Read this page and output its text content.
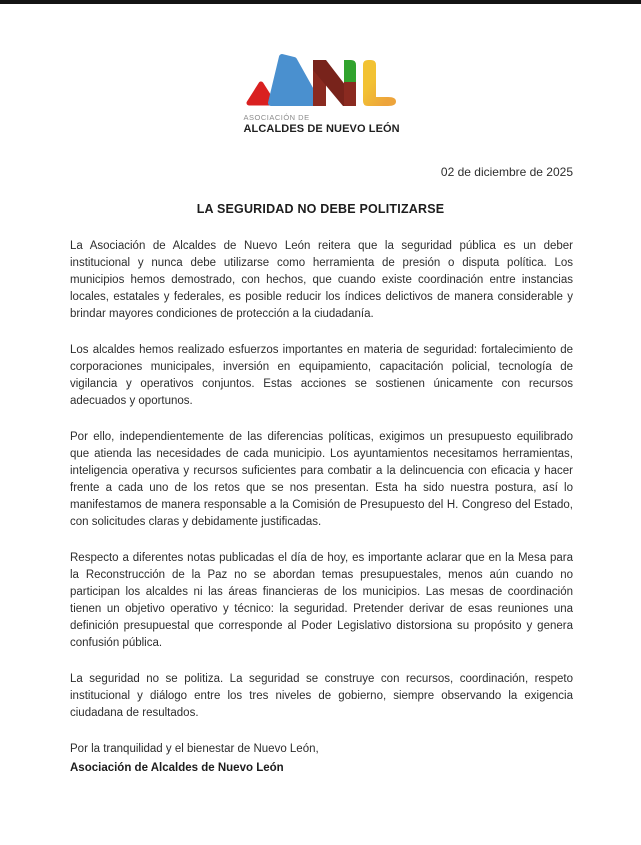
ASOCIACIÓN DE
ALCALDES DE NUEVO LEÓN
02 de diciembre de 2025
LA SEGURIDAD NO DEBE POLITIZARSE

La Asociación de Alcaldes de Nuevo León reitera que la seguridad pública es un deber institucional y nunca debe utilizarse como herramienta de presión o disputa política. Los municipios hemos demostrado, con hechos, que cuando existe coordinación entre instancias locales, estatales y federales, es posible reducir los índices delictivos de manera considerable y brindar mayores condiciones de protección a la ciudadanía.

Los alcaldes hemos realizado esfuerzos importantes en materia de seguridad: fortalecimiento de corporaciones municipales, inversión en equipamiento, capacitación policial, tecnología de vigilancia y operativos conjuntos. Estas acciones se sostienen únicamente con recursos adecuados y oportunos.

Por ello, independientemente de las diferencias políticas, exigimos un presupuesto equilibrado que atienda las necesidades de cada municipio. Los ayuntamientos necesitamos herramientas, inteligencia operativa y recursos suficientes para combatir a la delincuencia con eficacia y hacer frente a cada uno de los retos que se nos presentan. Esta ha sido nuestra postura, así lo manifestamos de manera responsable a la Comisión de Presupuesto del H. Congreso del Estado, con solicitudes claras y debidamente justificadas.

Respecto a diferentes notas publicadas el día de hoy, es importante aclarar que en la Mesa para la Reconstrucción de la Paz no se abordan temas presupuestales, menos aún cuando no participan los alcaldes ni las áreas financieras de los municipios. Las mesas de coordinación tienen un objetivo operativo y técnico: la seguridad. Pretender derivar de esas reuniones una definición presupuestal que corresponde al Poder Legislativo distorsiona su propósito y genera confusión pública.

La seguridad no se politiza. La seguridad se construye con recursos, coordinación, respeto institucional y diálogo entre los tres niveles de gobierno, siempre observando la exigencia ciudadana de resultados.

Por la tranquilidad y el bienestar de Nuevo León,
Asociación de Alcaldes de Nuevo León
